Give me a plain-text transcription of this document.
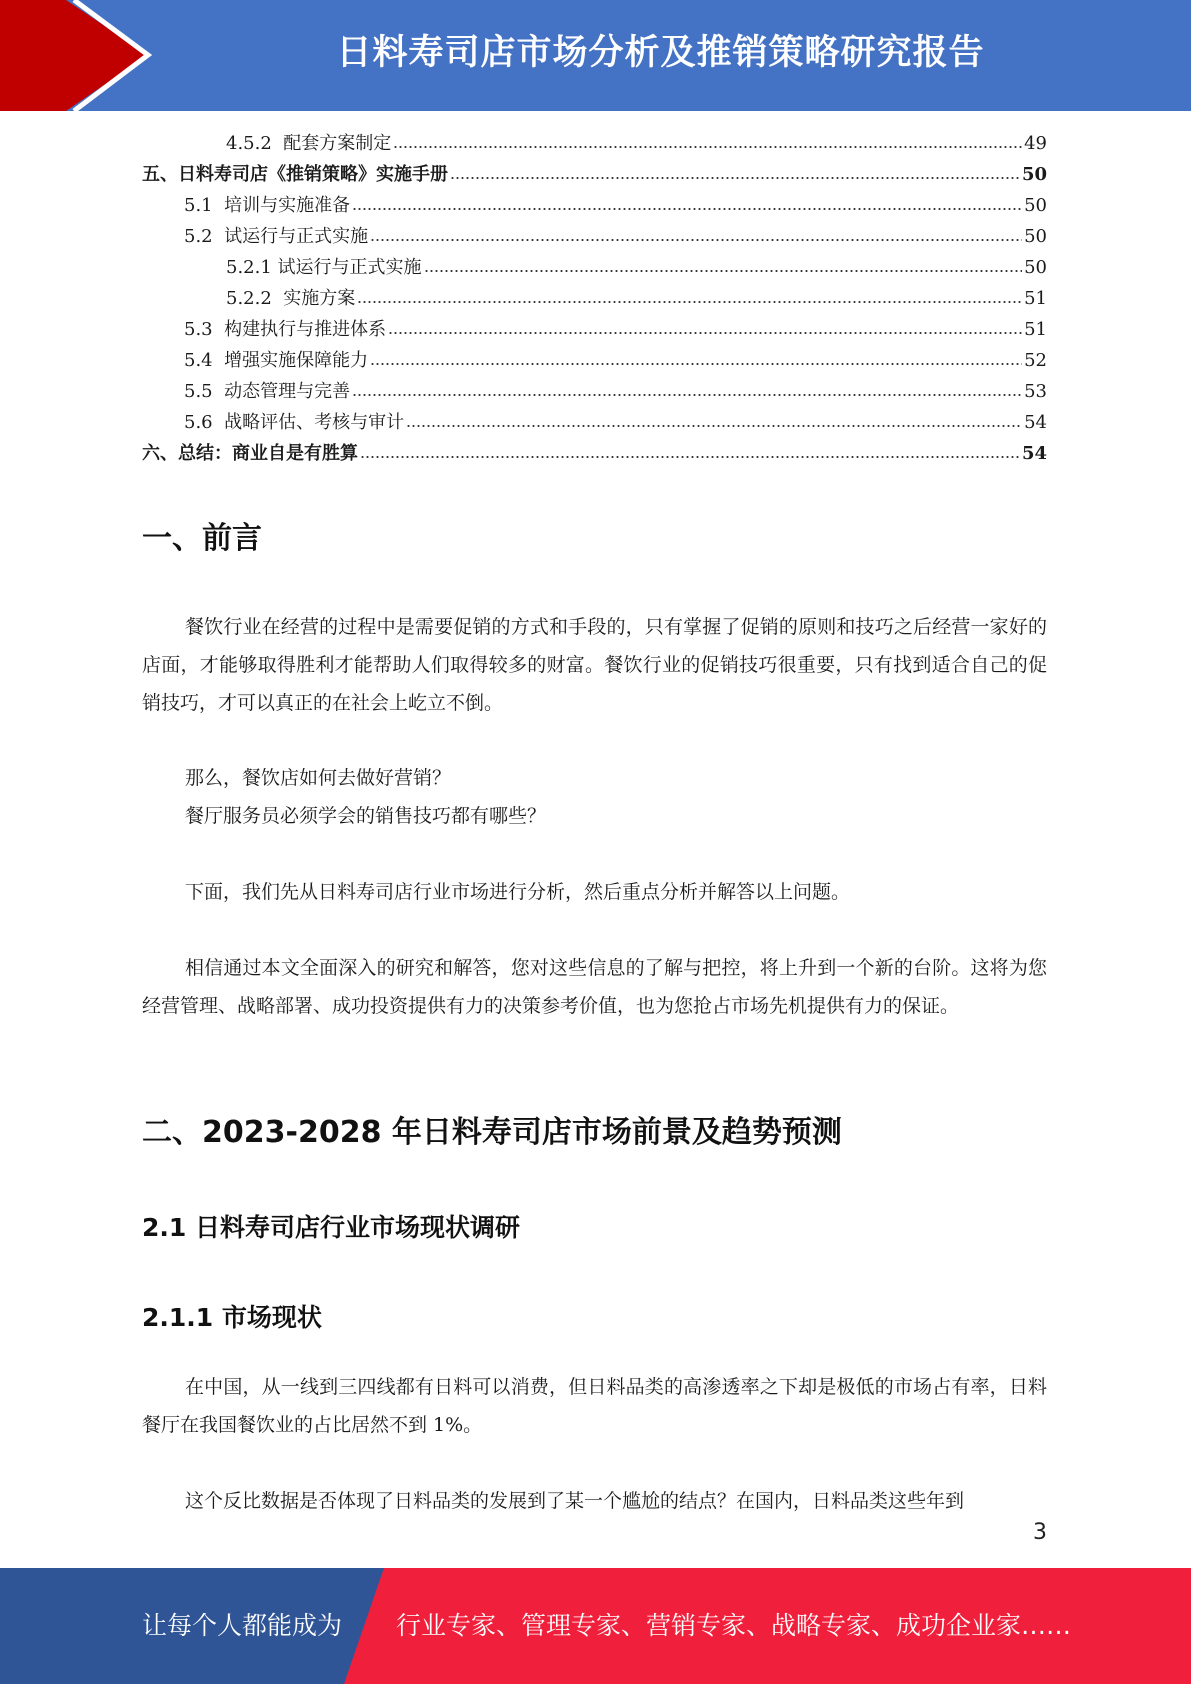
日料寿司店市场分析及推销策略研究报告
4.5.2  配套方案制定	49
五、日料寿司店《推销策略》实施手册	50
5.1  培训与实施准备	50
5.2  试运行与正式实施	50
5.2.1 试运行与正式实施	50
5.2.2  实施方案	51
5.3  构建执行与推进体系	51
5.4  增强实施保障能力	52
5.5  动态管理与完善	53
5.6  战略评估、考核与审计	54
六、总结：商业自是有胜算	54
一、前言
餐饮行业在经营的过程中是需要促销的方式和手段的，只有掌握了促销的原则和技巧之后经营一家好的店面，才能够取得胜利才能帮助人们取得较多的财富。餐饮行业的促销技巧很重要，只有找到适合自己的促销技巧，才可以真正的在社会上屹立不倒。
那么，餐饮店如何去做好营销？
餐厅服务员必须学会的销售技巧都有哪些？
下面，我们先从日料寿司店行业市场进行分析，然后重点分析并解答以上问题。
相信通过本文全面深入的研究和解答，您对这些信息的了解与把控，将上升到一个新的台阶。这将为您经营管理、战略部署、成功投资提供有力的决策参考价值，也为您抢占市场先机提供有力的保证。
二、2023-2028 年日料寿司店市场前景及趋势预测
2.1 日料寿司店行业市场现状调研
2.1.1 市场现状
在中国，从一线到三四线都有日料可以消费，但日料品类的高渗透率之下却是极低的市场占有率，日料餐厅在我国餐饮业的占比居然不到 1%。
这个反比数据是否体现了日料品类的发展到了某一个尴尬的结点？在国内，日料品类这些年到
3
让每个人都能成为 行业专家、管理专家、营销专家、战略专家、成功企业家……
